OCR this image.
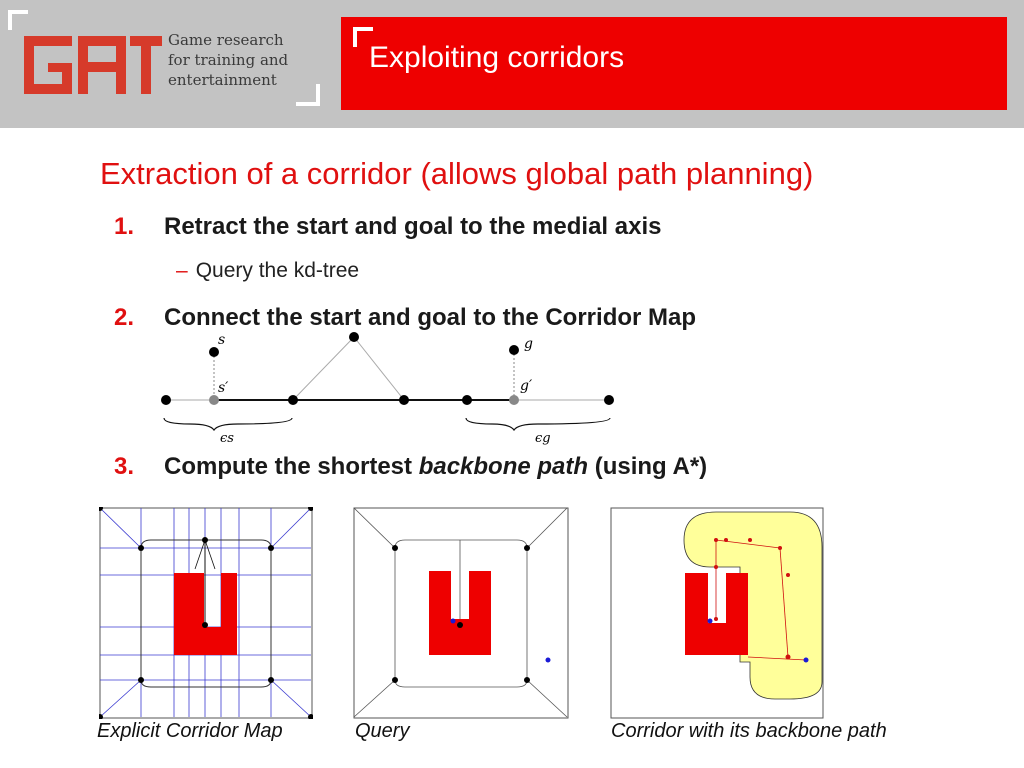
Game research
for training and
entertainment
Exploiting corridors
Extraction of a corridor (allows global path planning)
1. Retract the start and goal to the medial axis
– Query the kd-tree
2. Connect the start and goal to the Corridor Map
3. Compute the shortest backbone path (using A*)
s
s′
g
g′
ϵs	ϵg
Explicit Corridor Map	Query	Corridor with its backbone path
